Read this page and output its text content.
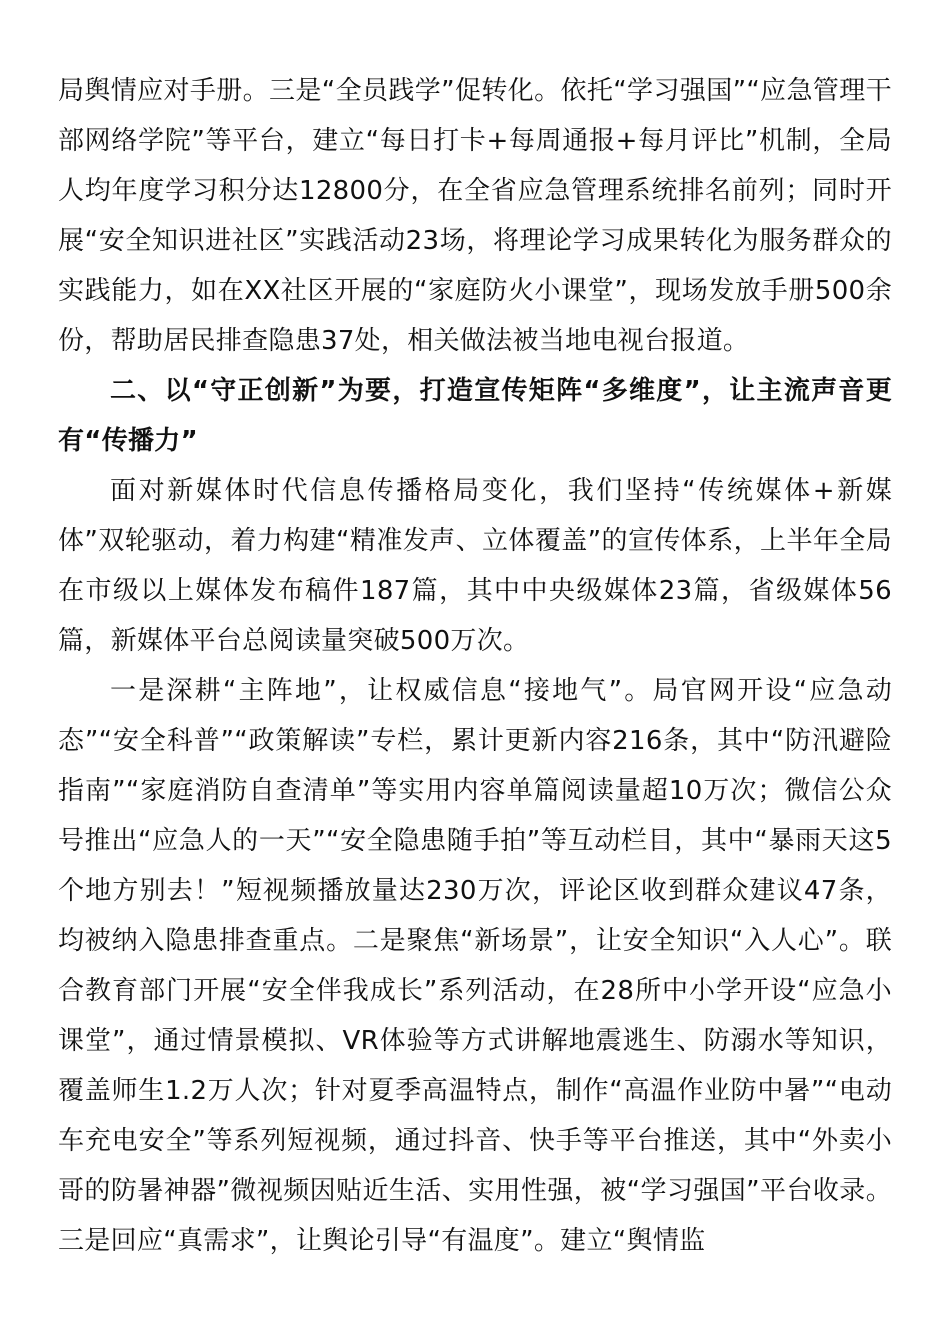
局舆情应对手册。三是“全员践学”促转化。依托“学习强国”“应急管理干部网络学院”等平台，建立“每日打卡+每周通报+每月评比”机制，全局人均年度学习积分达12800分，在全省应急管理系统排名前列；同时开展“安全知识进社区”实践活动23场，将理论学习成果转化为服务群众的实践能力，如在XX社区开展的“家庭防火小课堂”，现场发放手册500余份，帮助居民排查隐患37处，相关做法被当地电视台报道。

二、以“守正创新”为要，打造宣传矩阵“多维度”，让主流声音更有“传播力”

面对新媒体时代信息传播格局变化，我们坚持“传统媒体+新媒体”双轮驱动，着力构建“精准发声、立体覆盖”的宣传体系，上半年全局在市级以上媒体发布稿件187篇，其中中央级媒体23篇，省级媒体56篇，新媒体平台总阅读量突破500万次。

一是深耕“主阵地”，让权威信息“接地气”。局官网开设“应急动态”“安全科普”“政策解读”专栏，累计更新内容216条，其中“防汛避险指南”“家庭消防自查清单”等实用内容单篇阅读量超10万次；微信公众号推出“应急人的一天”“安全隐患随手拍”等互动栏目，其中“暴雨天这5个地方别去！”短视频播放量达230万次，评论区收到群众建议47条，均被纳入隐患排查重点。二是聚焦“新场景”，让安全知识“入人心”。联合教育部门开展“安全伴我成长”系列活动，在28所中小学开设“应急小课堂”，通过情景模拟、VR体验等方式讲解地震逃生、防溺水等知识，覆盖师生1.2万人次；针对夏季高温特点，制作“高温作业防中暑”“电动车充电安全”等系列短视频，通过抖音、快手等平台推送，其中“外卖小哥的防暑神器”微视频因贴近生活、实用性强，被“学习强国”平台收录。三是回应“真需求”，让舆论引导“有温度”。建立“舆情监
